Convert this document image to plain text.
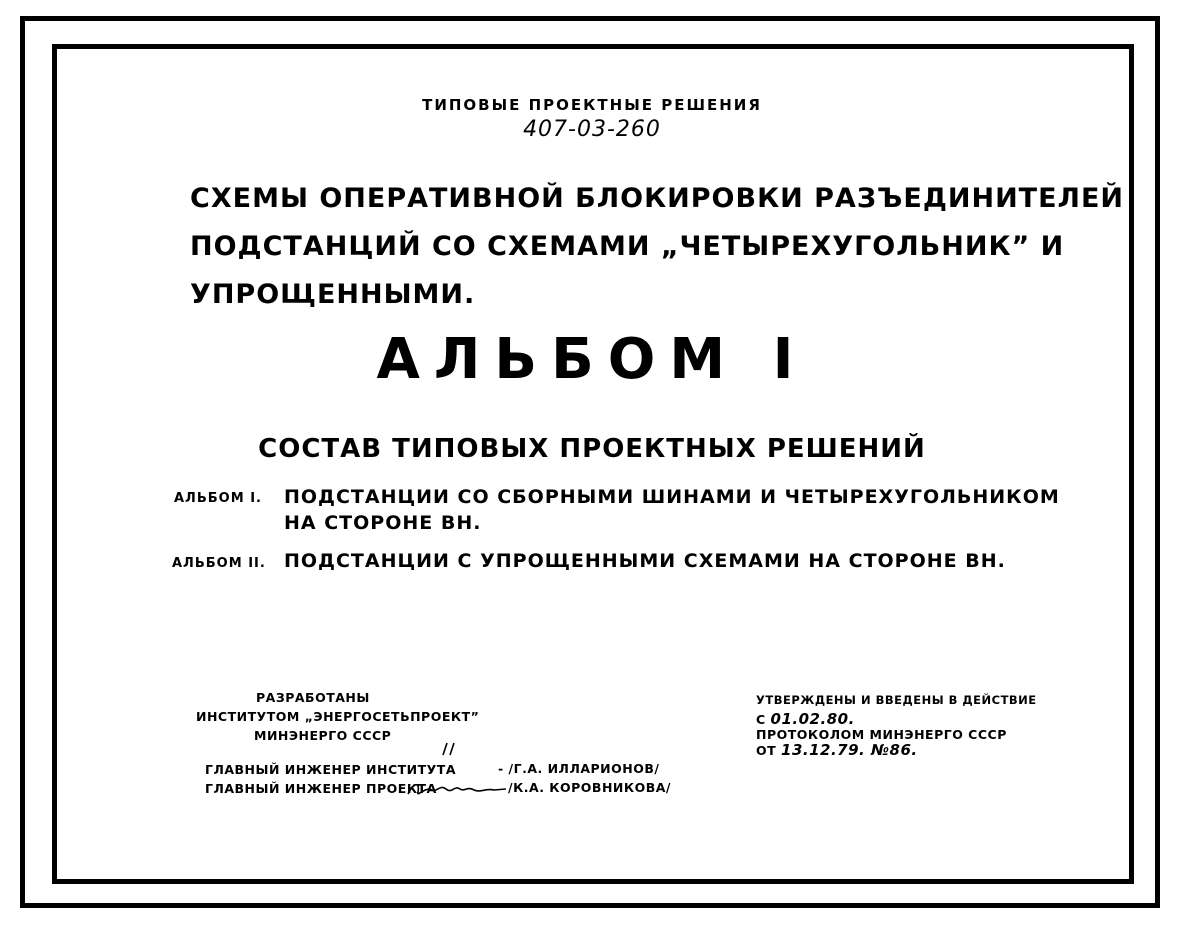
ТИПОВЫЕ ПРОЕКТНЫЕ РЕШЕНИЯ
407-03-260
СХЕМЫ ОПЕРАТИВНОЙ БЛОКИРОВКИ РАЗЪЕДИНИТЕЛЕЙ
ПОДСТАНЦИЙ СО СХЕМАМИ „ЧЕТЫРЕХУГОЛЬНИК” И
УПРОЩЕННЫМИ.
АЛЬБОМ I
СОСТАВ ТИПОВЫХ ПРОЕКТНЫХ РЕШЕНИЙ
АЛЬБОМ I. ПОДСТАНЦИИ СО СБОРНЫМИ ШИНАМИ И ЧЕТЫРЕХУГОЛЬНИКОМ
НА СТОРОНЕ ВН.
АЛЬБОМ II. ПОДСТАНЦИИ С УПРОЩЕННЫМИ СХЕМАМИ НА СТОРОНЕ ВН.
РАЗРАБОТАНЫ
ИНСТИТУТОМ „ЭНЕРГОСЕТЬПРОЕКТ”
МИНЭНЕРГО СССР
ГЛАВНЫЙ ИНЖЕНЕР ИНСТИТУТА	‑ /Г.А. ИЛЛАРИОНОВ/
ГЛАВНЫЙ ИНЖЕНЕР ПРОЕКТА	/К.А. КОРОВНИКОВА/
УТВЕРЖДЕНЫ И ВВЕДЕНЫ В ДЕЙСТВИЕ
С 01.02.80.
ПРОТОКОЛОМ МИНЭНЕРГО СССР
ОТ 13.12.79. №86.
